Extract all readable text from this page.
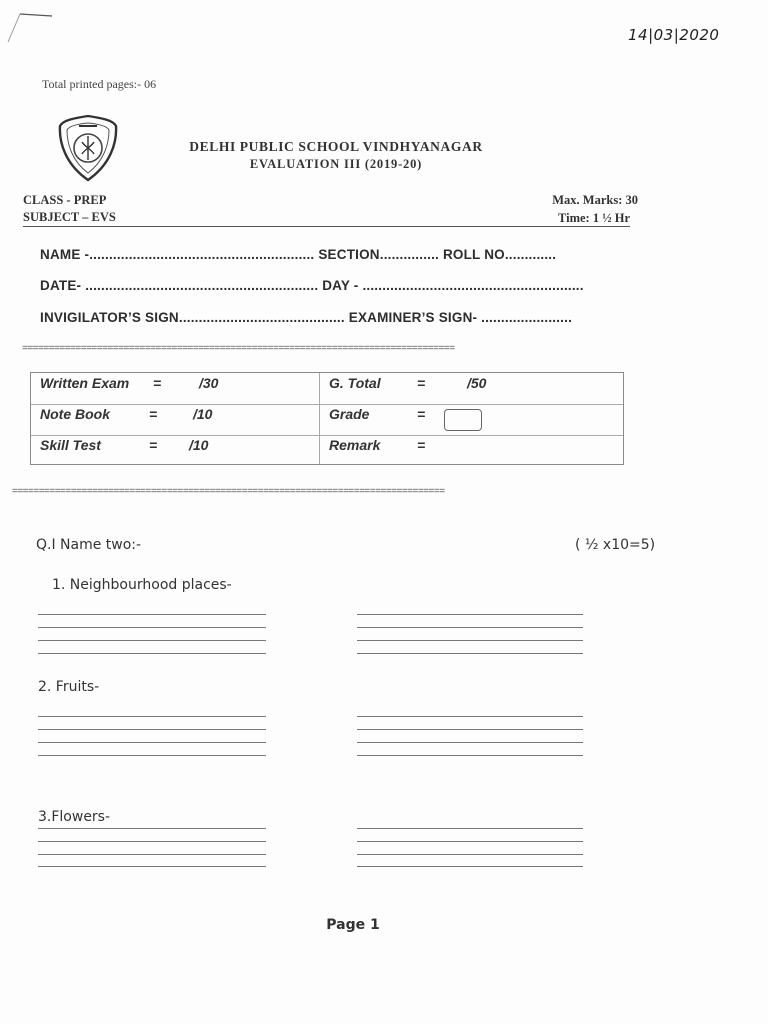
14|03|2020
Total printed pages:- 06
DELHI PUBLIC SCHOOL VINDHYANAGAR
EVALUATION III (2019-20)
CLASS - PREP
SUBJECT – EVS
Max. Marks: 30
Time: 1 ½ Hr
NAME -......................................................... SECTION............... ROLL NO.............
DATE- ........................................................... DAY - ........................................................
INVIGILATOR’S SIGN.......................................... EXAMINER’S SIGN- .......................
=================================================================================
Written Exam =	/30	G. Total	=	/50
Note Book	=	/10	Grade	=
Skill Test	= /10	Remark	=
=================================================================================
Q.I Name two:-	( ½ x10=5)
1. Neighbourhood places-
2. Fruits-
3.Flowers-
Page 1
